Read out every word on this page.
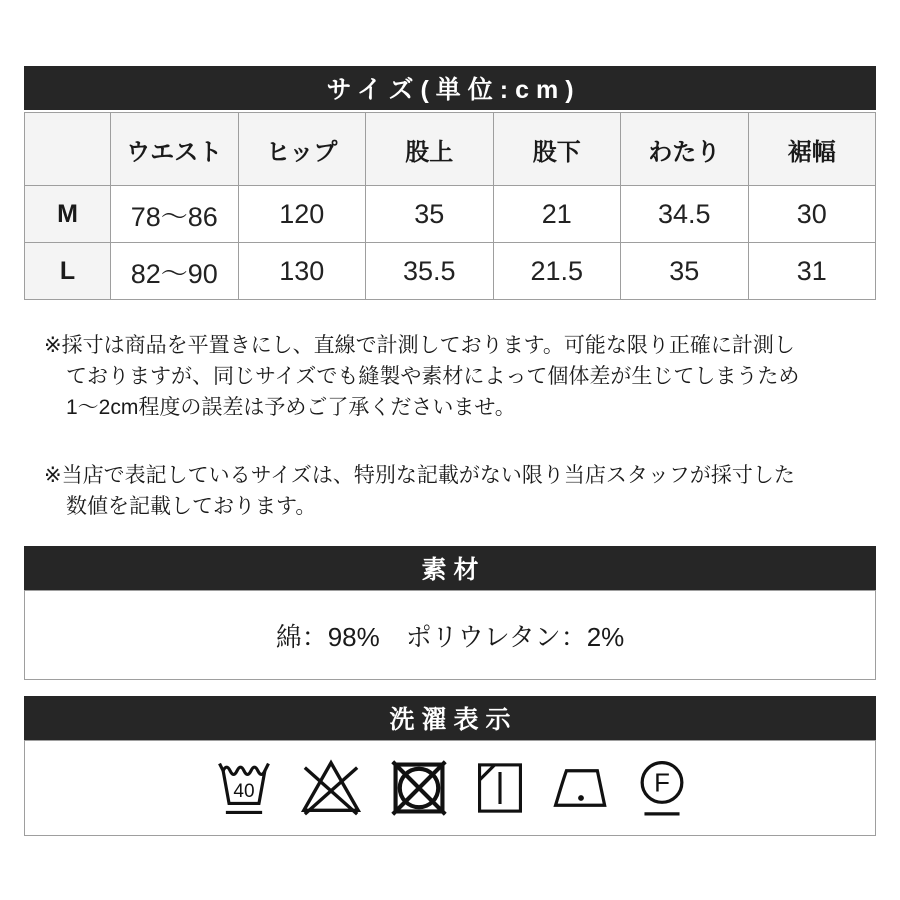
サイズ(単位:cm)
	ウエスト	ヒップ	股上	股下	わたり	裾幅
M	78〜86	120	35	21	34.5	30
L	82〜90	130	35.5	21.5	35	31
※採寸は商品を平置きにし、直線で計測しております。可能な限り正確に計測し
ておりますが、同じサイズでも縫製や素材によって個体差が生じてしまうため
1〜2cm程度の誤差は予めご了承くださいませ。
※当店で表記しているサイズは、特別な記載がない限り当店スタッフが採寸した
数値を記載しております。
素材
綿：98%　ポリウレタン：2%
洗濯表示
40	F
